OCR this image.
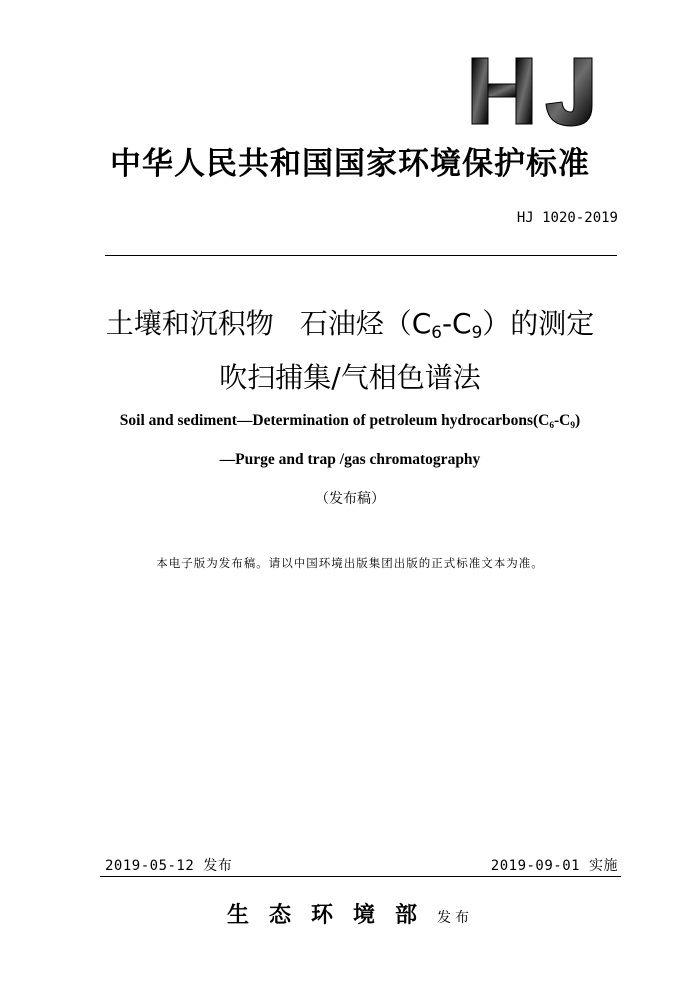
中华人民共和国国家环境保护标准
HJ 1020-2019
土壤和沉积物 石油烃$(C_6-C_9)$的测定
吹扫捕集/气相色谱法
Soil and sediment—Determination of petroleum $hydrocarbons(C_6-C_9)$
—Purge and trap /gas chromatography
（发布稿）
本电子版为发布稿。请以中国环境出版集团出版的正式标准文本为准。
2019-05-12 发布	2019-09-01 实施
生态环境部发布
